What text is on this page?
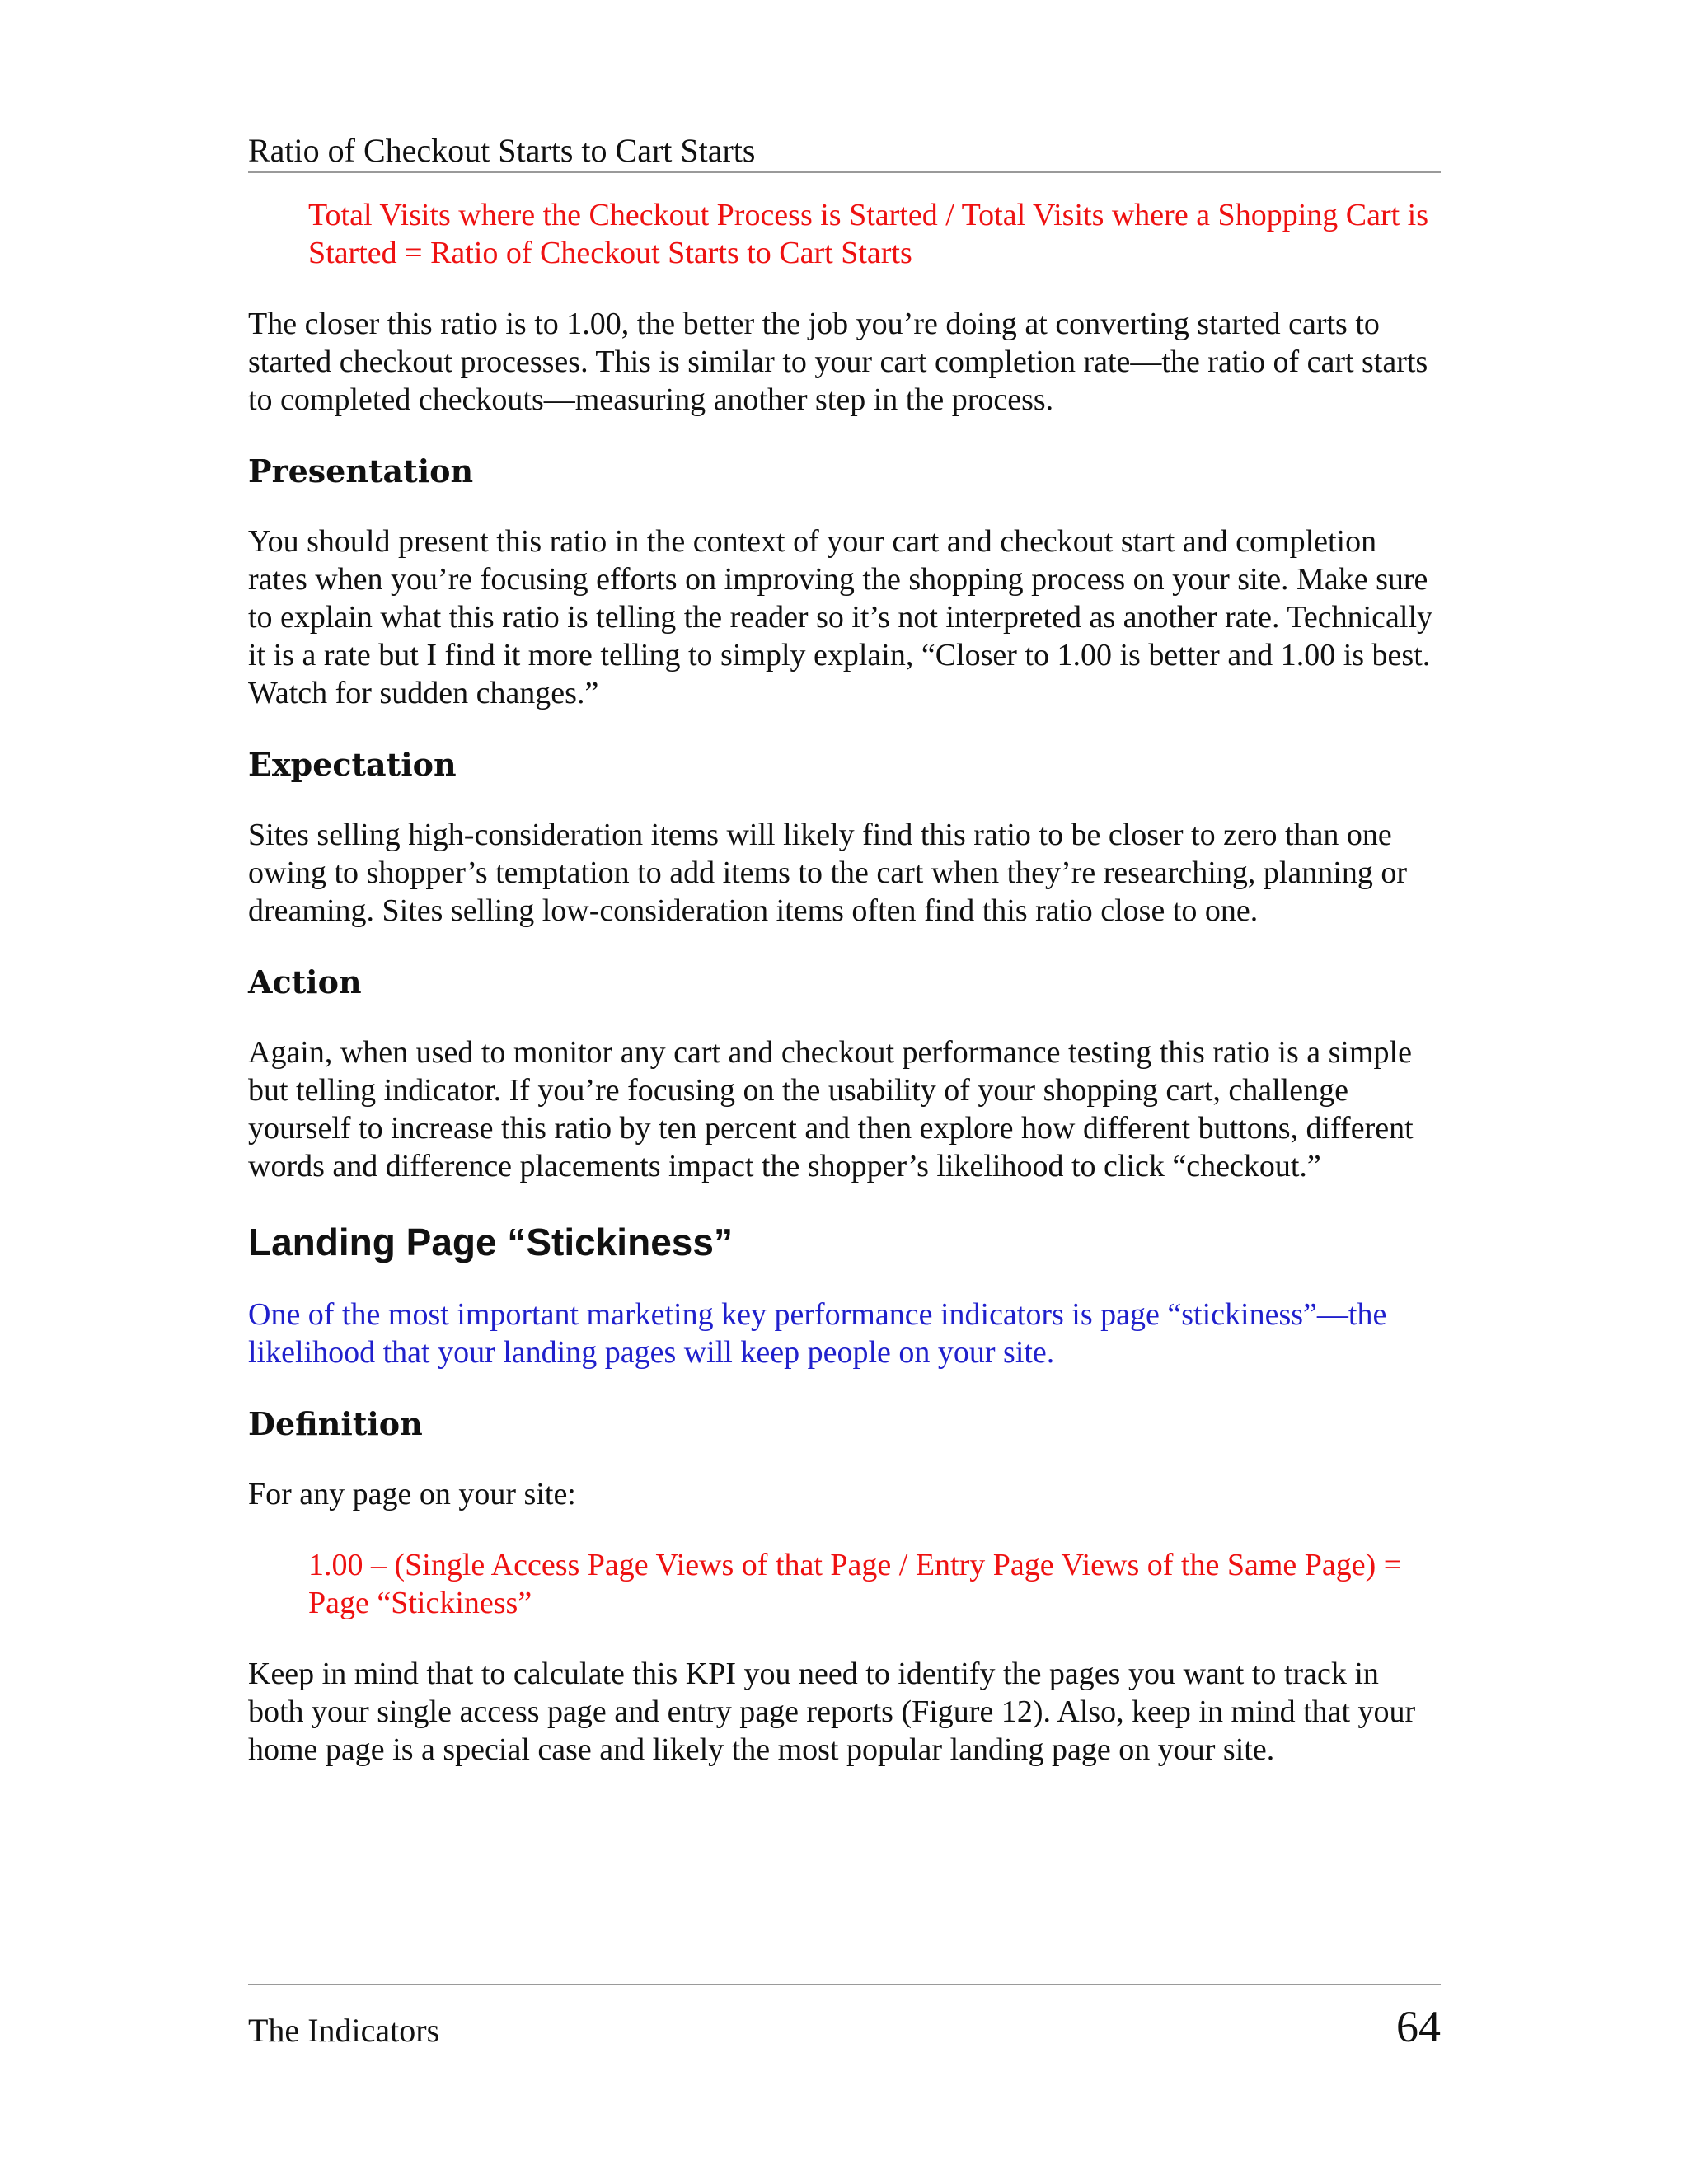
Ratio of Checkout Starts to Cart Starts
Total Visits where the Checkout Process is Started / Total Visits where a Shopping Cart is Started = Ratio of Checkout Starts to Cart Starts
The closer this ratio is to 1.00, the better the job you’re doing at converting started carts to started checkout processes. This is similar to your cart completion rate—the ratio of cart starts to completed checkouts—measuring another step in the process.
Presentation
You should present this ratio in the context of your cart and checkout start and completion rates when you’re focusing efforts on improving the shopping process on your site. Make sure to explain what this ratio is telling the reader so it’s not interpreted as another rate. Technically it is a rate but I find it more telling to simply explain, “Closer to 1.00 is better and 1.00 is best. Watch for sudden changes.”
Expectation
Sites selling high-consideration items will likely find this ratio to be closer to zero than one owing to shopper’s temptation to add items to the cart when they’re researching, planning or dreaming. Sites selling low-consideration items often find this ratio close to one.
Action
Again, when used to monitor any cart and checkout performance testing this ratio is a simple but telling indicator. If you’re focusing on the usability of your shopping cart, challenge yourself to increase this ratio by ten percent and then explore how different buttons, different words and difference placements impact the shopper’s likelihood to click “checkout.”
Landing Page “Stickiness”
One of the most important marketing key performance indicators is page “stickiness”—the likelihood that your landing pages will keep people on your site.
Definition
For any page on your site:
1.00 – (Single Access Page Views of that Page / Entry Page Views of the Same Page) = Page “Stickiness”
Keep in mind that to calculate this KPI you need to identify the pages you want to track in both your single access page and entry page reports (Figure 12). Also, keep in mind that your home page is a special case and likely the most popular landing page on your site.
The Indicators	64
